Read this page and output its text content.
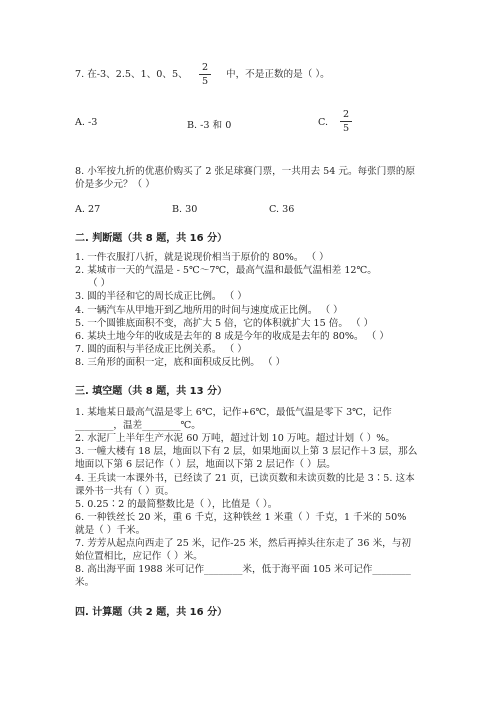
7. 在-3、2.5、1、0、5、
2
5
中，不是正数的是（ ）。
A. -3	B. -3 和 0	C.
2
5
8. 小军按九折的优惠价购买了 2 张足球赛门票，一共用去 54 元。每张门票的原
价是多少元？（ ）
A. 27	B. 30	C. 36
二. 判断题（共 8 题，共 16 分）
1. 一件衣服打八折，就是说现价相当于原价的 80%。 （ ）
2. 某城市一天的气温是 - 5℃～7℃，最高气温和最低气温相差 12℃。
（ ）
3. 圆的半径和它的周长成正比例。 （ ）
4. 一辆汽车从甲地开到乙地所用的时间与速度成正比例。 （ ）
5. 一个圆锥底面积不变，高扩大 5 倍，它的体积就扩大 15 倍。 （ ）
6. 某块土地今年的收成是去年的 8 成是今年的收成是去年的 80%。 （ ）
7. 圆的面积与半径成正比例关系。 （ ）
8. 三角形的面积一定，底和面积成反比例。 （ ）
三. 填空题（共 8 题，共 13 分）
1. 某地某日最高气温是零上 6℃，记作+6℃，最低气温是零下 3℃，记作
________，温差________℃。
2. 水泥厂上半年生产水泥 60 万吨，超过计划 10 万吨。超过计划（ ）%。
3. 一幢大楼有 18 层，地面以下有 2 层，如果地面以上第 3 层记作＋3 层，那么
地面以下第 6 层记作（ ）层，地面以下第 2 层记作（ ）层。
4. 王兵读一本课外书，已经读了 21 页，已读页数和未读页数的比是 3∶5. 这本
课外书一共有（ ）页。
5. 0.25∶2 的最简整数比是（ ），比值是（ ）。
6. 一种铁丝长 20 米，重 6 千克，这种铁丝 1 米重（ ）千克，1 千米的 50%
就是（ ）千米。
7. 芳芳从起点向西走了 25 米，记作-25 米，然后再掉头往东走了 36 米，与初
始位置相比，应记作（ ）米。
8. 高出海平面 1988 米可记作________米，低于海平面 105 米可记作________
米。
四. 计算题（共 2 题，共 16 分）
